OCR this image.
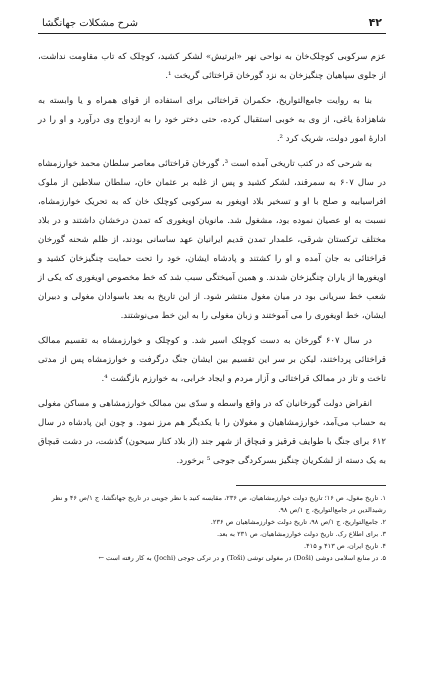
۴۲
شرح مشکلات جهانگشا

عزم سرکوبی کوچلک‌خان به نواحی نهر «ایرتیش» لشکر کشید، کوچلک که تاب مقاومت نداشت، از جلوی سپاهیان چنگیزخان به نزد گورخان قراختائی گریخت ¹.

بنا به روایت جامع‌التواریخ، حکمران قراختائی برای استفاده از قوای همراه و یا وابسته به شاهزاده‌ٔ یاغی، از وی به خوبی استقبال کرده، حتی دختر خود را به ازدواج وی درآورد و او را در اداره‌ٔ امور دولت، شریک کرد ².

به شرحی که در کتب تاریخی آمده است ³، گورخان قراختائی معاصر سلطان محمد خوارزمشاه در سال ۶۰۷ به سمرقند، لشکر کشید و پس از غلبه بر عثمان خان، سلطان سلاطین از ملوک افراسیابیه و صلح با او و تسخیر بلاد اویغور به سرکوبی کوچلک خان که به تحریک خوارزمشاه، نسبت به او عصیان نموده بود، مشغول شد. مانویان اویغوری که تمدن درخشان داشتند و در بلاد مختلف ترکستان شرقی، علمدار تمدن قدیم ایرانیان عهد ساسانی بودند، از ظلم شحنه گورخان قراختائی به جان آمده و او را کشتند و پادشاه ایشان، خود را تحت حمایت چنگیزخان کشید و اویغورها از یاران چنگیزخان شدند. و همین آمیختگی سبب شد که خط مخصوص اویغوری که یکی از شعب خط سریانی بود در میان مغول منتشر شود. از این تاریخ به بعد باسوادان مغولی و دبیران ایشان، خط اویغوری را می آموختند و زبان مغولی را به این خط می‌نوشتند.

در سال ۶۰۷ گورخان به دست کوچلک اسیر شد. و کوچلک و خوارزمشاه به تقسیم ممالک قراختائی پرداختند، لیکن بر سر این تقسیم بین ایشان جنگ درگرفت و خوارزمشاه پس از مدتی تاخت و تاز در ممالک قراختائی و آزار مردم و ایجاد خرابی، به خوارزم بازگشت ⁴.

انقراض دولت گورخانیان که در واقع واسطه و سدّی بین ممالک خوارزمشاهی و مساکن مغولی به حساب می‌آمد، خوارزمشاهیان و مغولان را با یکدیگر هم مرز نمود. و چون این پادشاه در سال ۶۱۲ برای جنگ با طوایف قرقیز و قبچاق از شهر جند (از بلاد کنار سیحون) گذشت، در دشت قبچاق به یک دسته از لشکریان چنگیز بسرکردگی جوجی ⁵ برخورد.

۱. تاریخ مغول، ص ۱۶؛ تاریخ دولت خوارزمشاهیان، ص ۲۳۶، مقایسه کنید با نظر جوینی در تاریخ جهانگشا، ج ۱/ص ۴۶ و نظر رشیدالدین در جامع‌التواریخ، ج ۱/ص ۹۸.

۲. جامع‌التواریخ، ج ۱/ص ۹۸، تاریخ دولت خوارزمشاهیان ص ۲۳۶.

۳. برای اطلاع رک. تاریخ دولت خوارزمشاهیان، ص ۲۳۱ به بعد.

۴. تاریخ ایران، ص ۴۱۳ و ۴۱۵.

۵. در منابع اسلامی دوشی (Doši) در مغولی توشی (Toši) و در ترکی جوجی (Jochi) به کار رفته است ←
